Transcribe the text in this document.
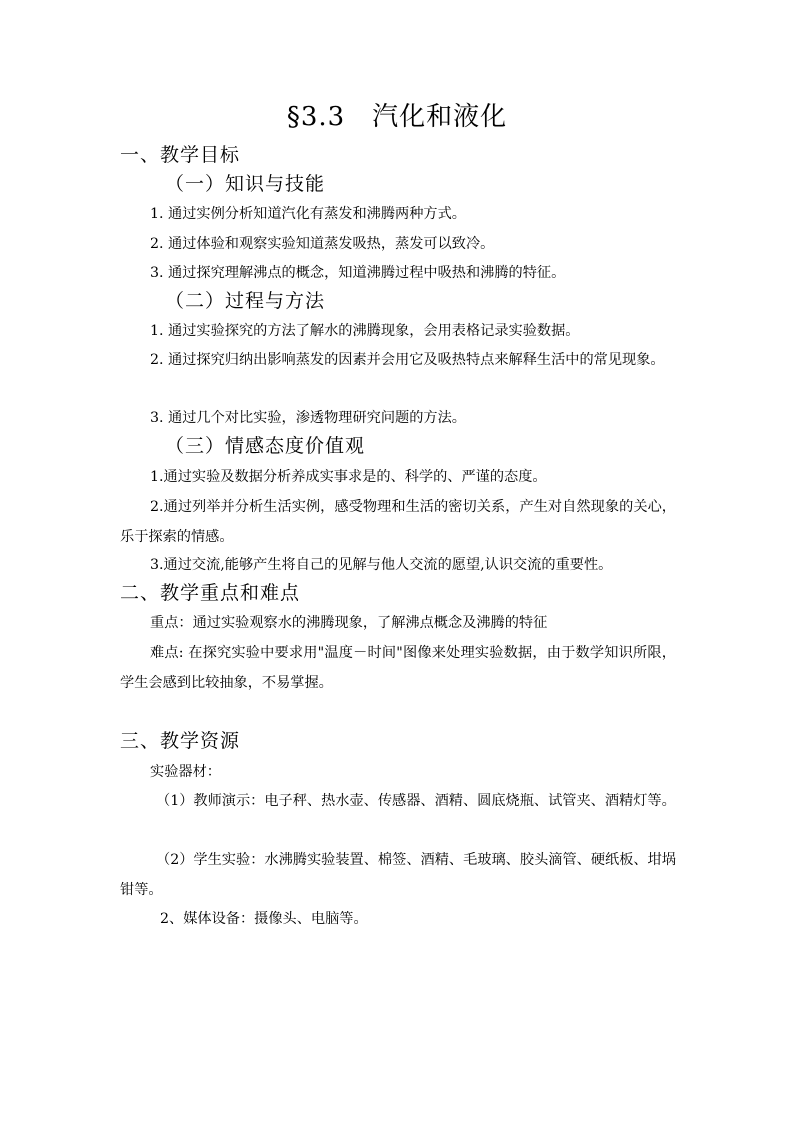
§3.3　汽化和液化
一、教学目标
（一）知识与技能
1. 通过实例分析知道汽化有蒸发和沸腾两种方式。
2. 通过体验和观察实验知道蒸发吸热，蒸发可以致冷。
3. 通过探究理解沸点的概念，知道沸腾过程中吸热和沸腾的特征。
（二）过程与方法
1. 通过实验探究的方法了解水的沸腾现象，会用表格记录实验数据。
2. 通过探究归纳出影响蒸发的因素并会用它及吸热特点来解释生活中的常见现象。
3. 通过几个对比实验，渗透物理研究问题的方法。
（三）情感态度价值观
1.通过实验及数据分析养成实事求是的、科学的、严谨的态度。
2.通过列举并分析生活实例，感受物理和生活的密切关系，产生对自然现象的关心，乐于探索的情感。
3.通过交流,能够产生将自己的见解与他人交流的愿望,认识交流的重要性。
二、教学重点和难点
重点：通过实验观察水的沸腾现象，了解沸点概念及沸腾的特征
难点: 在探究实验中要求用"温度－时间"图像来处理实验数据，由于数学知识所限，学生会感到比较抽象，不易掌握。
三、教学资源
实验器材：
（1）教师演示：电子秤、热水壶、传感器、酒精、圆底烧瓶、试管夹、酒精灯等。
（2）学生实验：水沸腾实验装置、棉签、酒精、毛玻璃、胶头滴管、硬纸板、坩埚钳等。
2、媒体设备：摄像头、电脑等。
